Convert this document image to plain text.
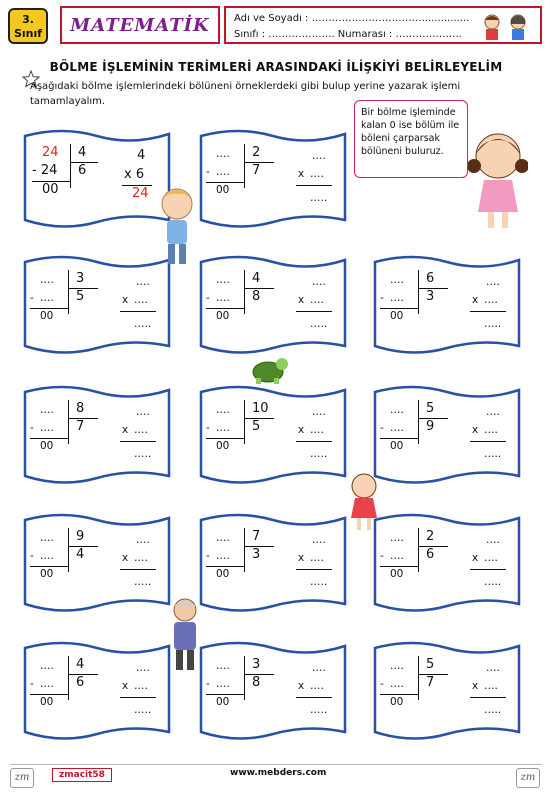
3.
Sınıf MATEMATİK Adı ve Soyadı : ……………………………...............
Sınıfı : ……………….. Numarası : ………………..
BÖLME İŞLEMİNİN TERİMLERİ ARASINDAKİ İLİŞKİYİ BELİRLEYELİM
Aşağıdaki bölme işlemlerindeki bölüneni örneklerdeki gibi bulup yerine yazarak işlemi tamamlayalım.
Bir bölme işleminde kalan 0 ise bölüm ile böleni çarparsak bölüneni buluruz.
24 4
- 24 6
00
4
x 6
24
…. 2
- …. 7
00
….
x ….
…..
…. 3
- …. 5
00
….
x ….
…..
…. 4
- …. 8
00
….
x ….
…..
…. 6
- …. 3
00
….
x ….
…..
…. 8
- …. 7
00
….
x ….
…..
…. 10
- …. 5
00
….
x ….
…..
…. 5
- …. 9
00
….
x ….
…..
…. 9
- …. 4
00
….
x ….
…..
…. 7
- …. 3
00
….
x ….
…..
…. 2
- …. 6
00
….
x ….
…..
…. 4
- …. 6
00
….
x ….
…..
…. 3
- …. 8
00
….
x ….
…..
…. 5
- …. 7
00
….
x ….
…..
zm	zmacit58	www.mebders.com	zm
